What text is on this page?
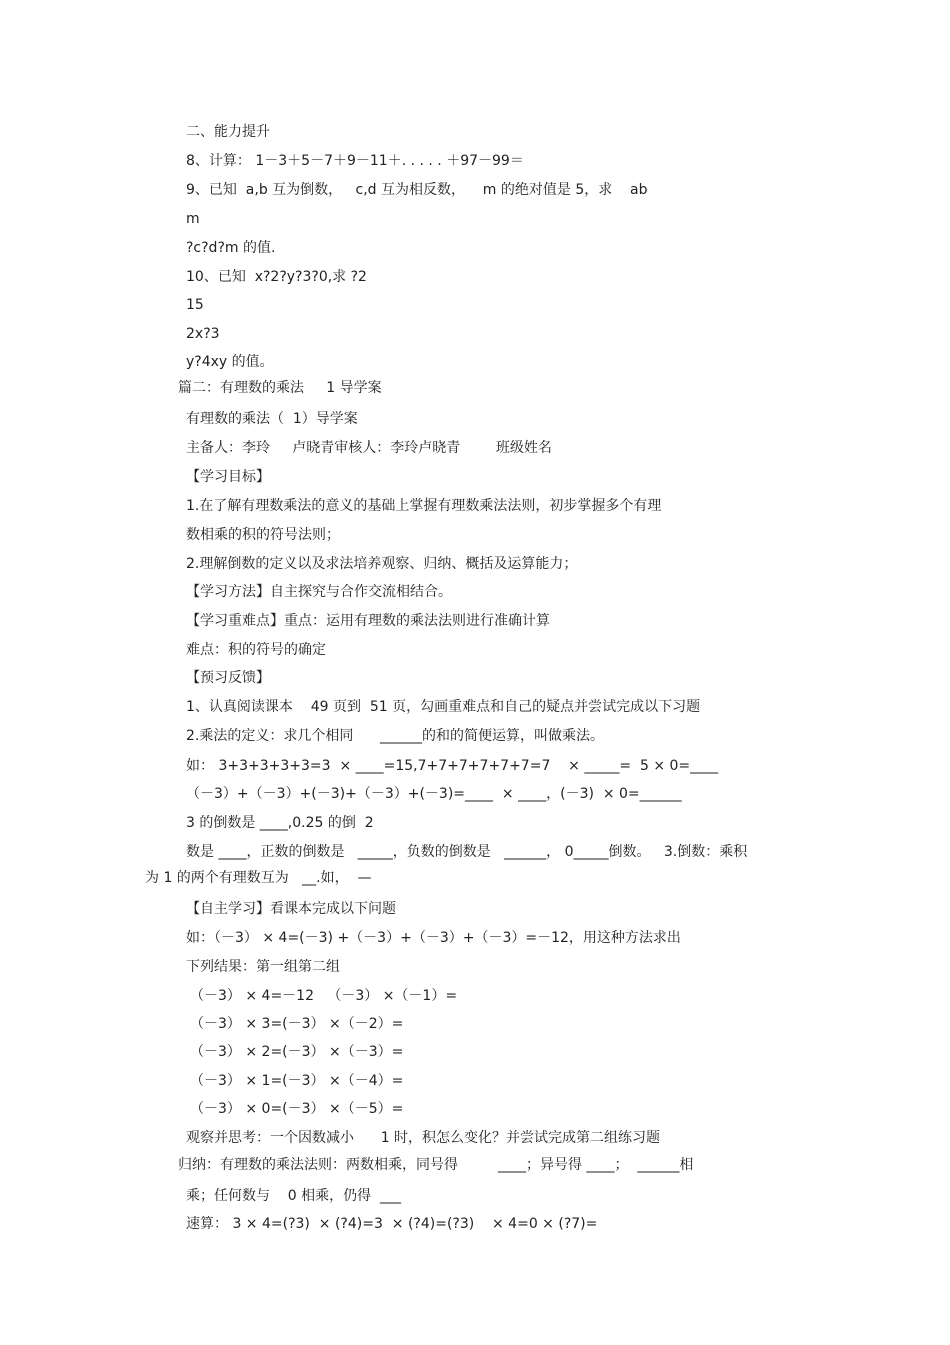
二、能力提升
8、计算： 1－3＋5－7＋9－11＋. . . . . ＋97－99＝
9、已知  a,b 互为倒数，   c,d 互为相反数，    m 的绝对值是 5，求    ab
m
?c?d?m 的值.
10、已知  x?2?y?3?0,求 ?2
15
2x?3
y?4xy 的值。
篇二：有理数的乘法     1 导学案
有理数的乘法（  1）导学案
主备人：李玲     卢晓青审核人：李玲卢晓青        班级姓名
【学习目标】
1.在了解有理数乘法的意义的基础上掌握有理数乘法法则，初步掌握多个有理
数相乘的积的符号法则；
2.理解倒数的定义以及求法培养观察、归纳、概括及运算能力；
【学习方法】自主探究与合作交流相结合。
【学习重难点】重点：运用有理数的乘法法则进行准确计算
难点：积的符号的确定
【预习反馈】
1、认真阅读课本    49 页到  51 页，勾画重难点和自己的疑点并尝试完成以下习题
2.乘法的定义：求几个相同      ______的和的简便运算，叫做乘法。
如： 3+3+3+3+3=3  × ____=15,7+7+7+7+7+7=7    × _____=  5 × 0=____
（－3）+（－3）+(－3)+（－3）+(－3)=____  × ____，(－3)  × 0=______
3 的倒数是 ____,0.25 的倒  2
数是 ____，正数的倒数是   _____，负数的倒数是   ______， 0_____倒数。   3.倒数：乘积
为 1 的两个有理数互为   __.如，  —
【自主学习】看课本完成以下问题
如：（－3） × 4=(－3) +（－3）+（－3）+（－3）=－12，用这种方法求出
下列结果：第一组第二组
（－3） × 4=－12   （－3） ×（－1）=
（－3） × 3=(－3） ×（－2）=
（－3） × 2=(－3） ×（－3）=
（－3） × 1=(－3） ×（－4）=
（－3） × 0=(－3） ×（－5）=
观察并思考：一个因数减小      1 时，积怎么变化？并尝试完成第二组练习题
归纳：有理数的乘法法则：两数相乘，同号得         ____；异号得 ____；  ______相
乘；任何数与    0 相乘，仍得  ___
速算： 3 × 4=(?3)  × (?4)=3  × (?4)=(?3)    × 4=0 × (?7)=
